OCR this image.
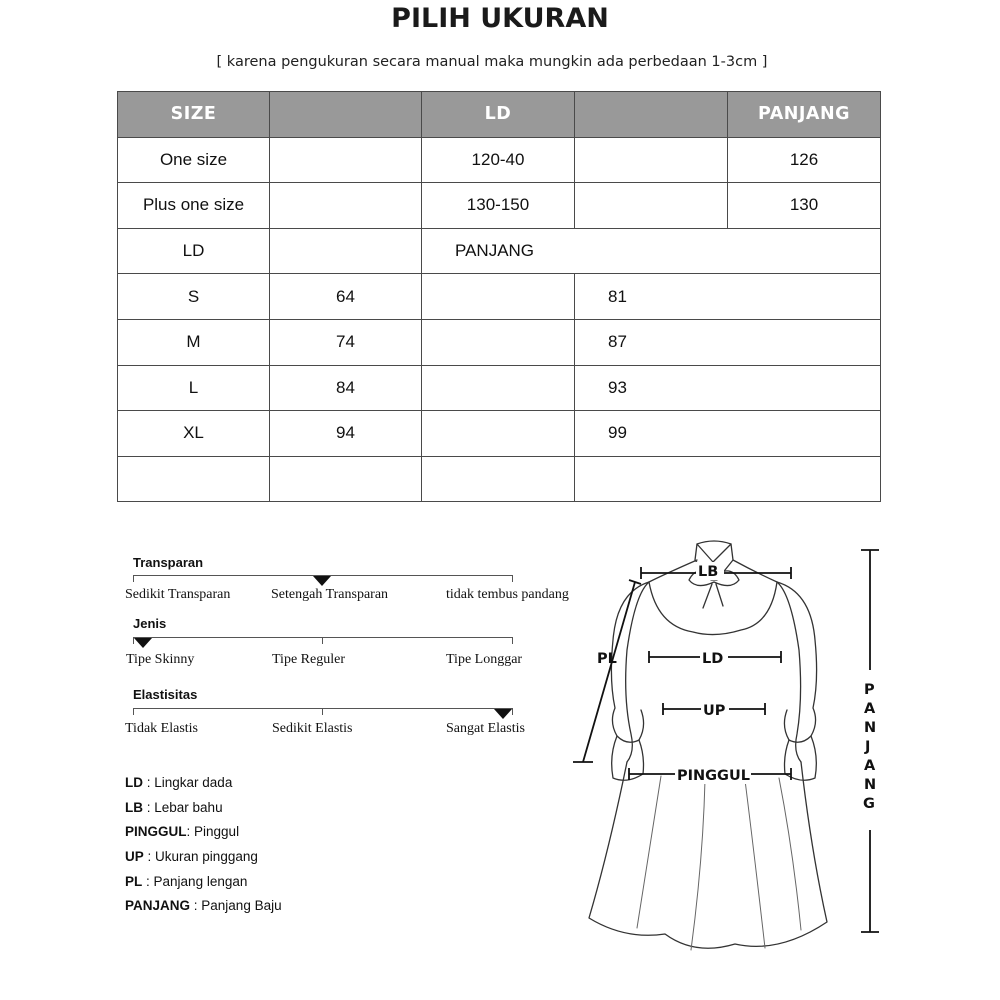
PILIH UKURAN
[ karena pengukuran secara manual maka mungkin ada perbedaan 1-3cm ]
SIZE		LD		PANJANG
One size		120-40		126
Plus one size		130-150		130
LD		PANJANG		
S	64		81	
M	74		87	
L	84		93	
XL	94		99	

Transparan
Sedikit Transparan	Setengah Transparan	tidak tembus pandang
Jenis
Tipe Skinny	Tipe Reguler	Tipe Longgar
Elastisitas
Tidak Elastis	Sedikit Elastis	Sangat Elastis
LD : Lingkar dada
LB : Lebar bahu
PINGGUL: Pinggul
UP : Ukuran pinggang
PL : Panjang lengan
PANJANG : Panjang Baju
LB
LD
UP
PINGGUL
PL
P
A
N
J
A
N
G
